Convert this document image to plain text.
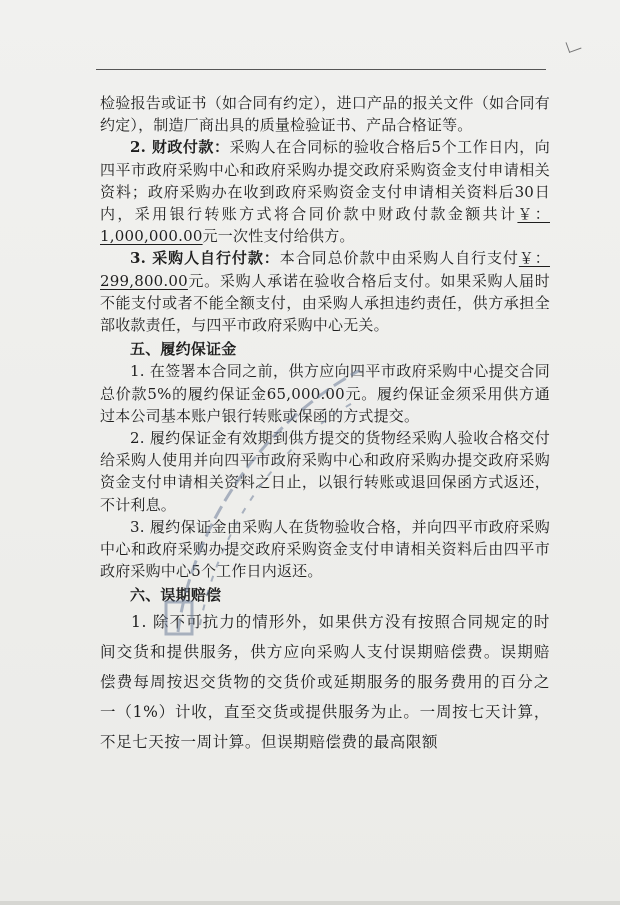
检验报告或证书（如合同有约定），进口产品的报关文件（如合同有约定），制造厂商出具的质量检验证书、产品合格证等。

2. 财政付款：采购人在合同标的验收合格后5个工作日内，向四平市政府采购中心和政府采购办提交政府采购资金支付申请相关资料；政府采购办在收到政府采购资金支付申请相关资料后30日内，采用银行转账方式将合同价款中财政付款金额共计￥：1,000,000.00元一次性支付给供方。

3. 采购人自行付款：本合同总价款中由采购人自行支付￥：299,800.00元。采购人承诺在验收合格后支付。如果采购人届时不能支付或者不能全额支付，由采购人承担违约责任，供方承担全部收款责任，与四平市政府采购中心无关。

五、履约保证金

1. 在签署本合同之前，供方应向四平市政府采购中心提交合同总价款5%的履约保证金65,000.00元。履约保证金须采用供方通过本公司基本账户银行转账或保函的方式提交。

2. 履约保证金有效期到供方提交的货物经采购人验收合格交付给采购人使用并向四平市政府采购中心和政府采购办提交政府采购资金支付申请相关资料之日止，以银行转账或退回保函方式返还，不计利息。

3. 履约保证金由采购人在货物验收合格，并向四平市政府采购中心和政府采购办提交政府采购资金支付申请相关资料后由四平市政府采购中心5个工作日内返还。

六、误期赔偿

1. 除不可抗力的情形外，如果供方没有按照合同规定的时间交货和提供服务，供方应向采购人支付误期赔偿费。误期赔偿费每周按迟交货物的交货价或延期服务的服务费用的百分之一（1%）计收，直至交货或提供服务为止。一周按七天计算，不足七天按一周计算。但误期赔偿费的最高限额
